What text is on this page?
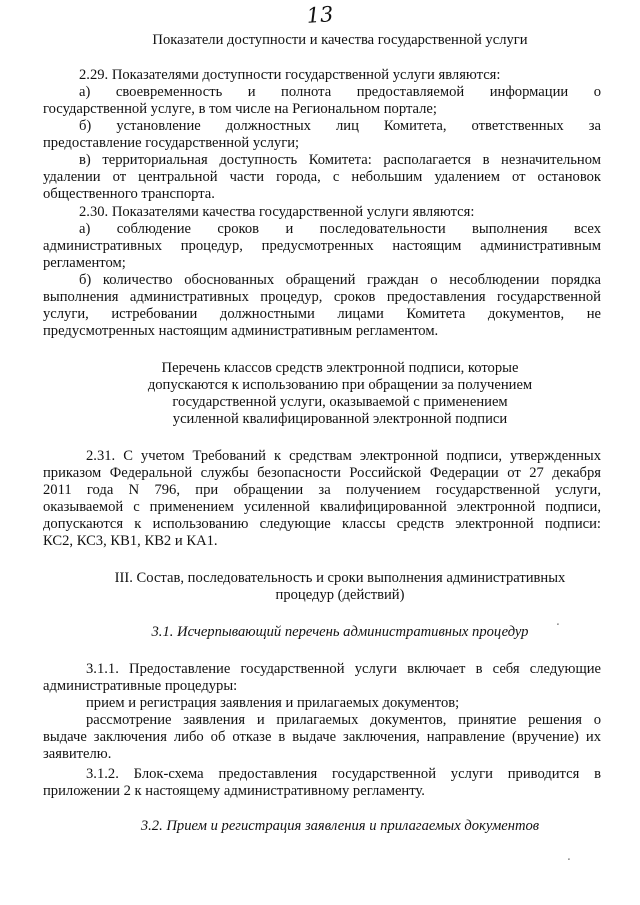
13
Показатели доступности и качества государственной услуги
2.29. Показателями доступности государственной услуги являются:
а) своевременность и полнота предоставляемой информации о
государственной услуге, в том числе на Региональном портале;
б) установление должностных лиц Комитета, ответственных за
предоставление государственной услуги;
в) территориальная доступность Комитета: располагается в незначительном
удалении от центральной части города, с небольшим удалением от остановок
общественного транспорта.
2.30. Показателями качества государственной услуги являются:
а) соблюдение сроков и последовательности выполнения всех
административных процедур, предусмотренных настоящим административным
регламентом;
б) количество обоснованных обращений граждан о несоблюдении порядка
выполнения административных процедур, сроков предоставления государственной
услуги, истребовании должностными лицами Комитета документов, не
предусмотренных настоящим административным регламентом.
Перечень классов средств электронной подписи, которые
допускаются к использованию при обращении за получением
государственной услуги, оказываемой с применением
усиленной квалифицированной электронной подписи
2.31. С учетом Требований к средствам электронной подписи, утвержденных
приказом Федеральной службы безопасности Российской Федерации от 27 декабря
2011 года N 796, при обращении за получением государственной услуги,
оказываемой с применением усиленной квалифицированной электронной подписи,
допускаются к использованию следующие классы средств электронной подписи:
КС2, КС3, КВ1, КВ2 и КА1.
III. Состав, последовательность и сроки выполнения административных
процедур (действий)
3.1. Исчерпывающий перечень административных процедур	ˑ
3.1.1. Предоставление государственной услуги включает в себя следующие
административные процедуры:
прием и регистрация заявления и прилагаемых документов;
рассмотрение заявления и прилагаемых документов, принятие решения о
выдаче заключения либо об отказе в выдаче заключения, направление (вручение) их
заявителю.
3.1.2. Блок-схема предоставления государственной услуги приводится в
приложении 2 к настоящему административному регламенту.
3.2. Прием и регистрация заявления и прилагаемых документов
ˑ
